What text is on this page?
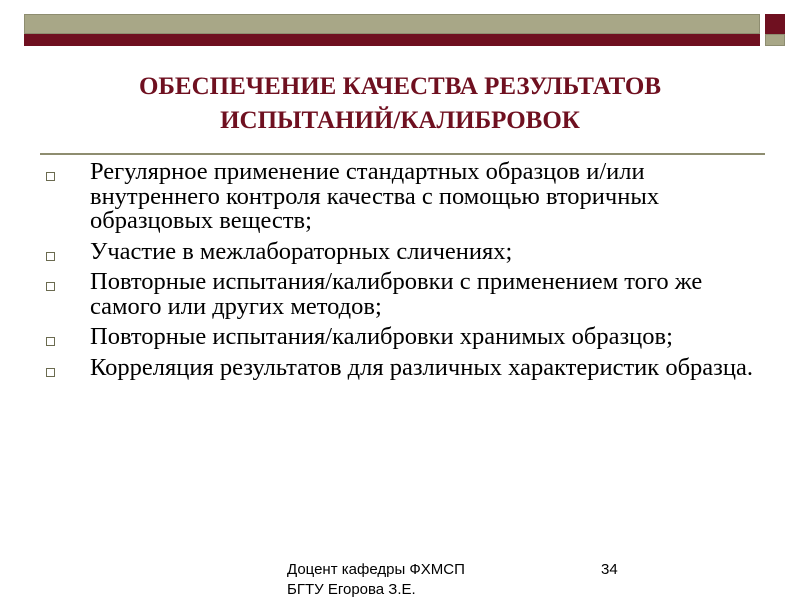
ОБЕСПЕЧЕНИЕ КАЧЕСТВА РЕЗУЛЬТАТОВ
ИСПЫТАНИЙ/КАЛИБРОВОК
Регулярное применение стандартных образцов и/или внутреннего контроля качества с помощью вторичных образцовых веществ;
Участие в межлабораторных сличениях;
Повторные испытания/калибровки с применением того же самого или других методов;
Повторные испытания/калибровки хранимых образцов;
Корреляция результатов для различных характеристик образца.
Доцент кафедры ФХМСП
БГТУ Егорова З.Е.
34
